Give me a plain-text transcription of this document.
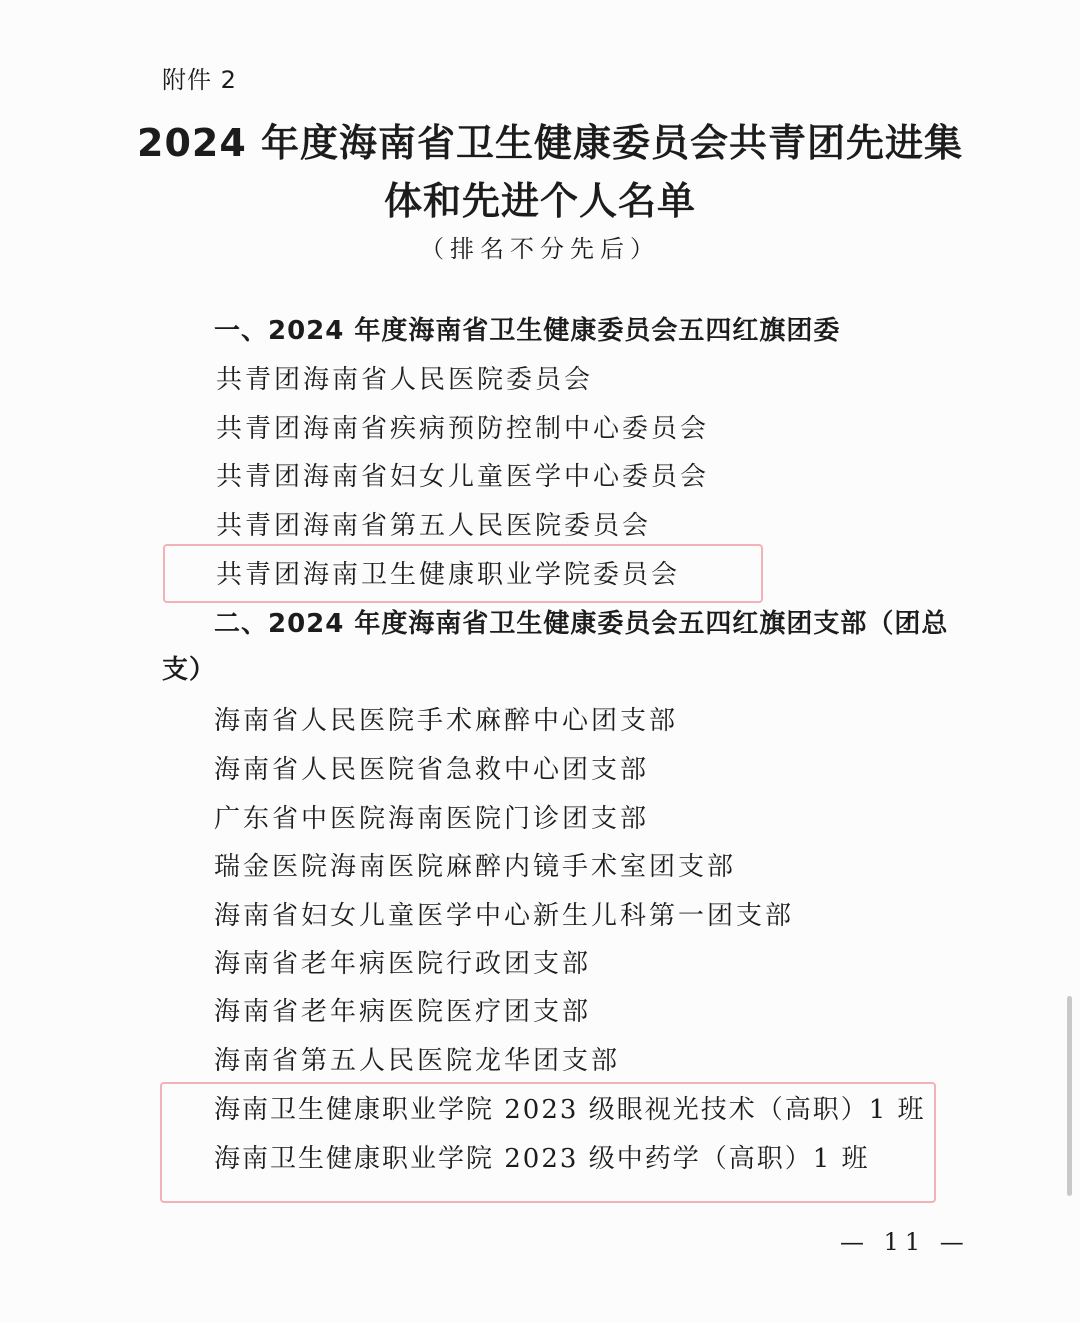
附件 2
2024 年度海南省卫生健康委员会共青团先进集
体和先进个人名单
（排名不分先后）
一、2024 年度海南省卫生健康委员会五四红旗团委
共青团海南省人民医院委员会
共青团海南省疾病预防控制中心委员会
共青团海南省妇女儿童医学中心委员会
共青团海南省第五人民医院委员会
共青团海南卫生健康职业学院委员会
二、2024 年度海南省卫生健康委员会五四红旗团支部（团总
支）
海南省人民医院手术麻醉中心团支部
海南省人民医院省急救中心团支部
广东省中医院海南医院门诊团支部
瑞金医院海南医院麻醉内镜手术室团支部
海南省妇女儿童医学中心新生儿科第一团支部
海南省老年病医院行政团支部
海南省老年病医院医疗团支部
海南省第五人民医院龙华团支部
海南卫生健康职业学院 2023 级眼视光技术（高职）1 班
海南卫生健康职业学院 2023 级中药学（高职）1 班
— 11 —
